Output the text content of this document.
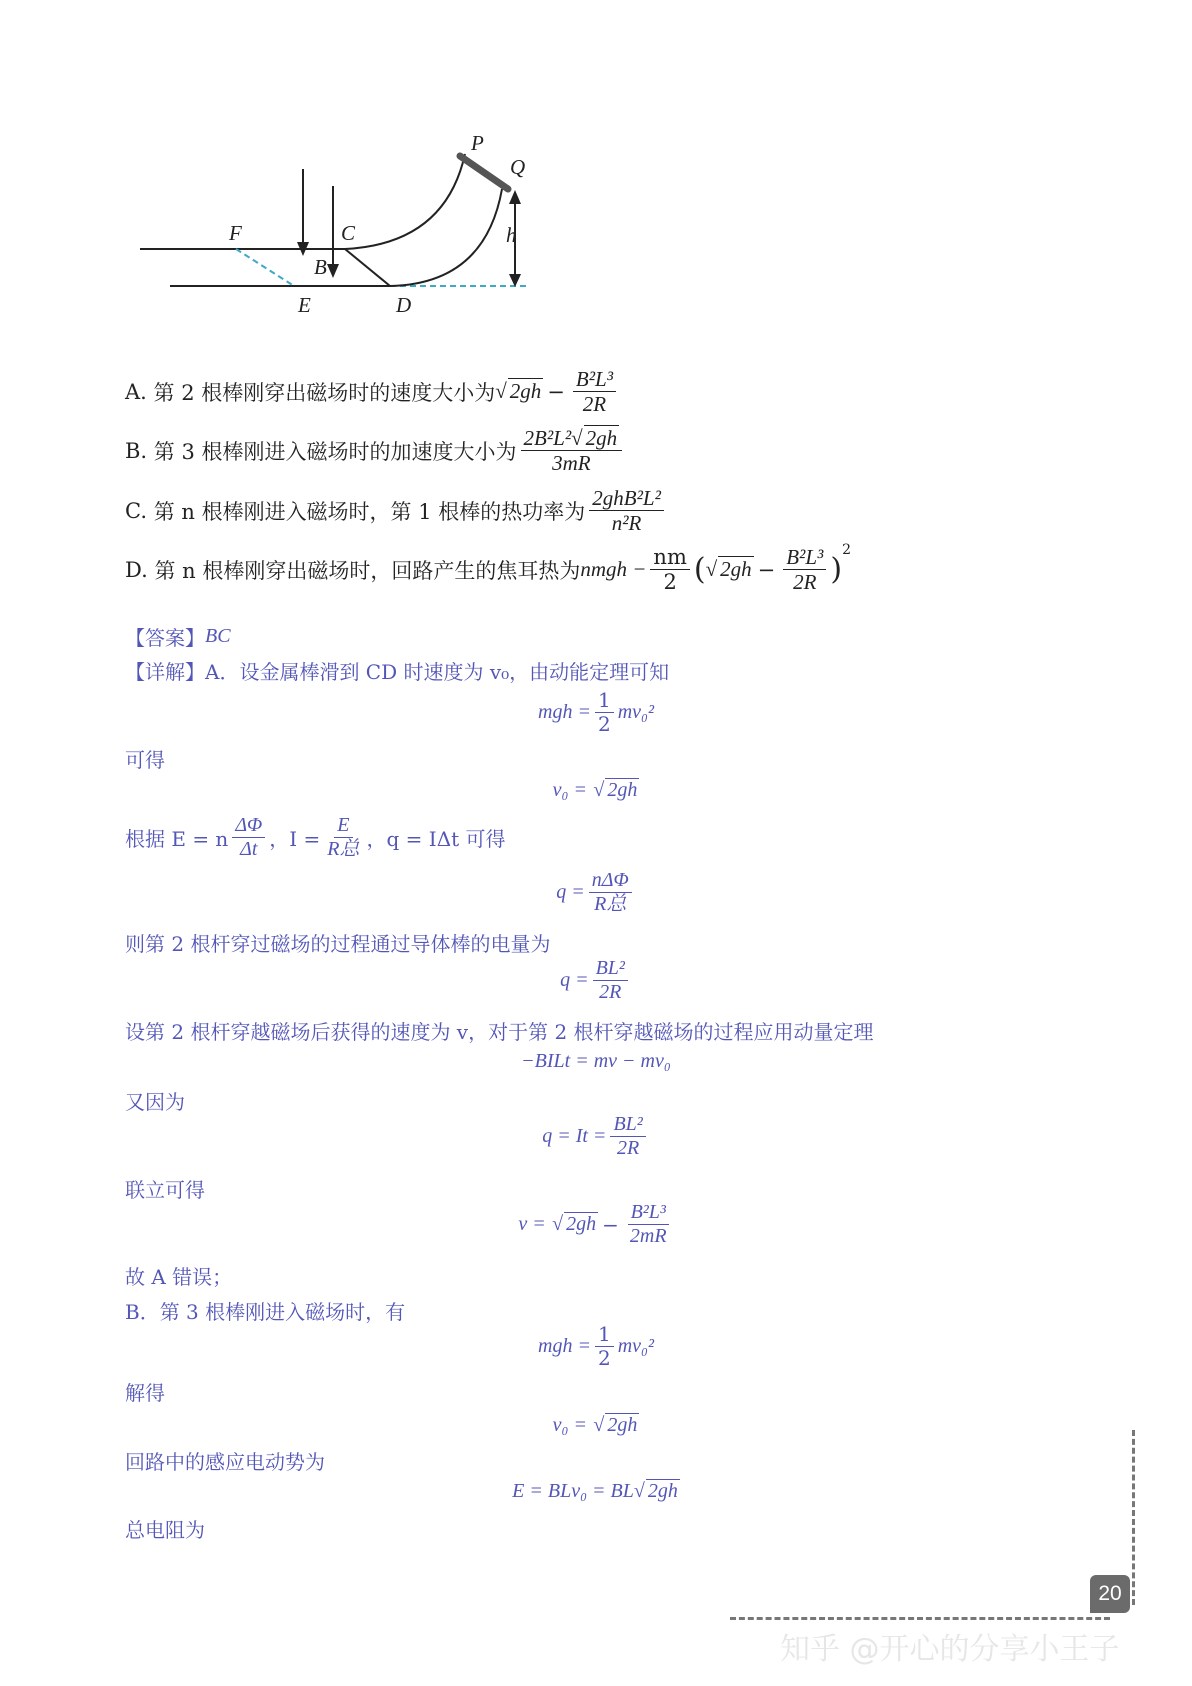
P
Q
F	C
B
E	D
h
A.
第 2 根棒刚穿出磁场时的速度大小为 √ $2gh - \frac{\text{B²L³}}{2R}$
B.
第 3 根棒刚进入磁场时的加速度大小为 $\frac{\text{2B²L²√ 2gh}}{3mR}$
C.
第 n 根棒刚进入磁场时，第 1 根棒的热功率为 $\frac{\text{2ghB²L²}}{\text{n²R}}$
D.
第 n 根棒刚穿出磁场时，回路产生的焦耳热为 nmgh − $\frac{nm}{2}$ ( √ $2gh - \frac{\text{B²L³}}{2R}$ )
$^2$
【答案】 BC
【详解】 A．设金属棒滑到 CD 时速度为 v₀，由动能定理可知
mgh = $\frac{1}{2} mv_0^2$
可得
v₀ =
√ 2gh
根据 E = n $\frac{\Delta\Phi}{\Delta t}$ ，$I = \frac{E}{\text{R总}}$ ，q = IΔt 可得
$q = \frac{\text{nΔΦ}}{\text{R总}}$
则第 2 根杆穿过磁场的过程通过导体棒的电量为
$q = \frac{\text{BL²}}{2R}$
设第 2 根杆穿越磁场后获得的速度为 v，对于第 2 根杆穿越磁场的过程应用动量定理
−BILt = mv − mv₀
又因为
$q = It = \frac{\text{BL²}}{2R}$
联立可得
v =
√ $2gh - \frac{\text{B²L³}}{2mR}$
故 A 错误；
B．第 3 根棒刚进入磁场时，有
mgh = $\frac{1}{2} mv_0^2$
解得
v₀ =
√ 2gh
回路中的感应电动势为
E = BLv₀ = BL √ 2gh
总电阻为
20
知乎 @开心的分享小王子
